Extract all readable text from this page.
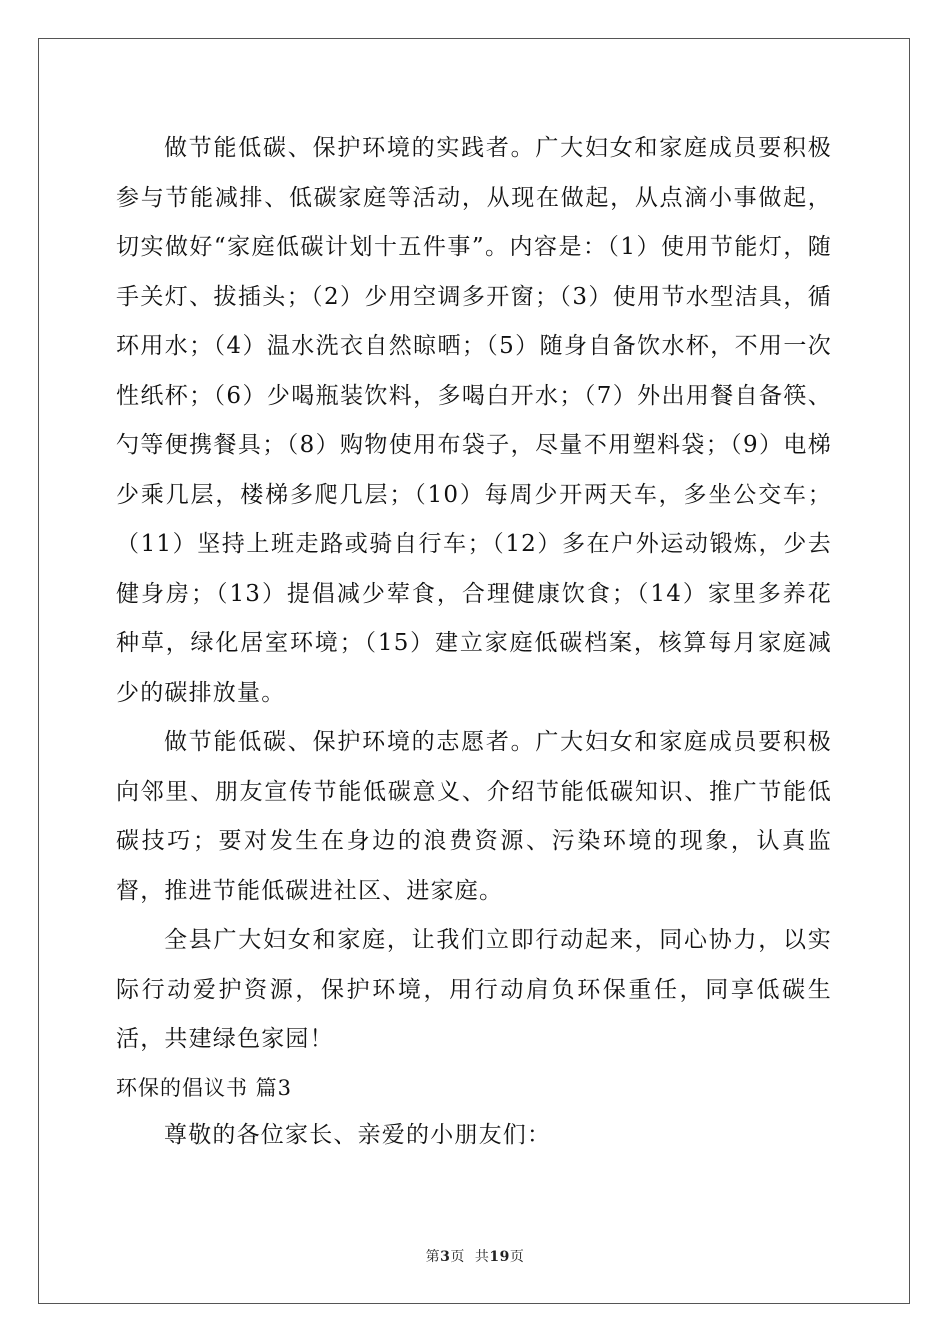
做节能低碳、保护环境的实践者。广大妇女和家庭成员要积极参与节能减排、低碳家庭等活动，从现在做起，从点滴小事做起，切实做好“家庭低碳计划十五件事”。内容是：（1）使用节能灯，随手关灯、拔插头；（2）少用空调多开窗；（3）使用节水型洁具，循环用水；（4）温水洗衣自然晾晒；（5）随身自备饮水杯，不用一次性纸杯；（6）少喝瓶装饮料，多喝白开水；（7）外出用餐自备筷、勺等便携餐具；（8）购物使用布袋子，尽量不用塑料袋；（9）电梯少乘几层，楼梯多爬几层；（10）每周少开两天车，多坐公交车；（11）坚持上班走路或骑自行车；（12）多在户外运动锻炼，少去健身房；（13）提倡减少荤食，合理健康饮食；（14）家里多养花种草，绿化居室环境；（15）建立家庭低碳档案，核算每月家庭减少的碳排放量。

做节能低碳、保护环境的志愿者。广大妇女和家庭成员要积极向邻里、朋友宣传节能低碳意义、介绍节能低碳知识、推广节能低碳技巧；要对发生在身边的浪费资源、污染环境的现象，认真监督，推进节能低碳进社区、进家庭。

全县广大妇女和家庭，让我们立即行动起来，同心协力，以实际行动爱护资源，保护环境，用行动肩负环保重任，同享低碳生活，共建绿色家园！

环保的倡议书 篇3

尊敬的各位家长、亲爱的小朋友们：

第3页  共19页
